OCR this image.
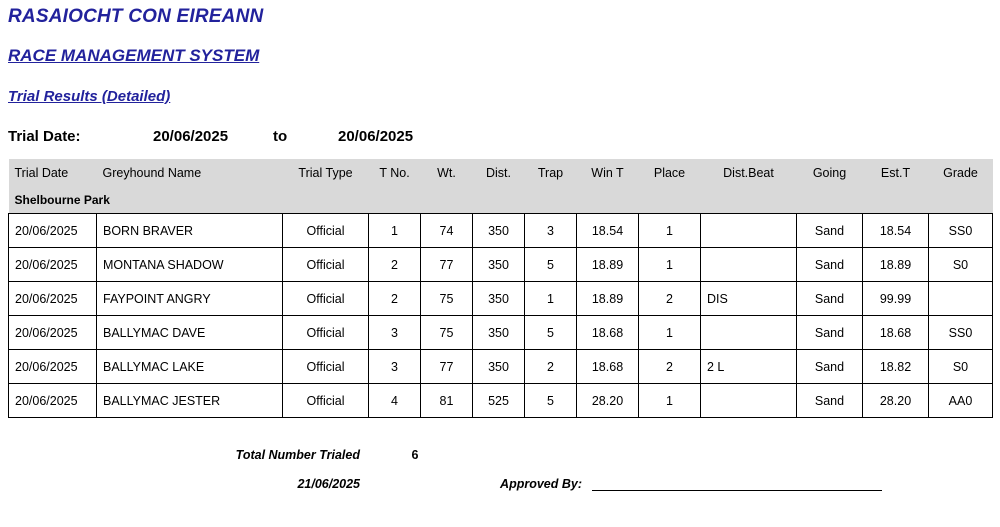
RASAIOCHT CON EIREANN
RACE MANAGEMENT SYSTEM
Trial Results (Detailed)
Trial Date:	20/06/2025	to	20/06/2025
Trial Date	Greyhound Name	Trial Type	T No.	Wt.	Dist.	Trap	Win T	Place	Dist.Beat	Going	Est.T	Grade
Shelbourne Park												
20/06/2025	BORN BRAVER	Official	1	74	350	3	18.54	1		Sand	18.54	SS0
20/06/2025	MONTANA SHADOW	Official	2	77	350	5	18.89	1		Sand	18.89	S0
20/06/2025	FAYPOINT ANGRY	Official	2	75	350	1	18.89	2	DIS	Sand	99.99	
20/06/2025	BALLYMAC DAVE	Official	3	75	350	5	18.68	1		Sand	18.68	SS0
20/06/2025	BALLYMAC LAKE	Official	3	77	350	2	18.68	2	2 L	Sand	18.82	S0
20/06/2025	BALLYMAC JESTER	Official	4	81	525	5	28.20	1		Sand	28.20	AA0

Total Number Trialed	6
21/06/2025	Approved By:
